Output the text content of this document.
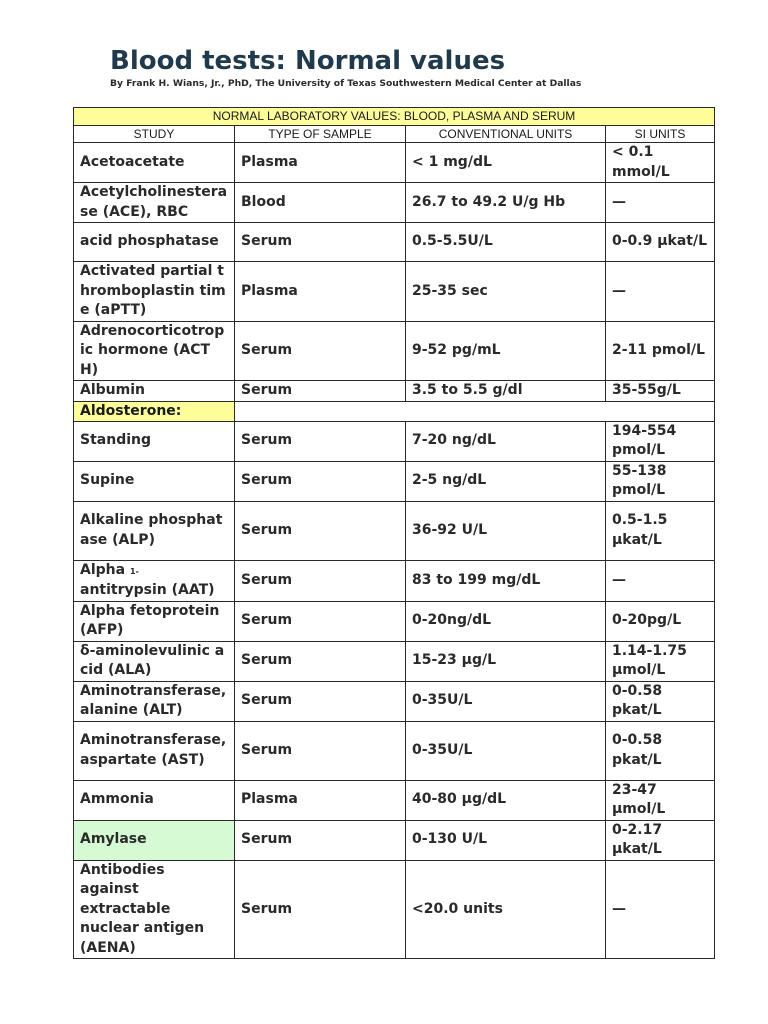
Blood tests: Normal values
By Frank H. Wians, Jr., PhD, The University of Texas Southwestern Medical Center at Dallas
NORMAL LABORATORY VALUES: BLOOD, PLASMA AND SERUM			
STUDY	TYPE OF SAMPLE	CONVENTIONAL UNITS	SI UNITS
Acetoacetate	Plasma	< 1 mg/dL	< 0.1 mmol/L
Acetylcholinesterase (ACE), RBC	Blood	26.7 to 49.2 U/g Hb	—
acid phosphatase	Serum	0.5-5.5U/L	0-0.9 µkat/L
Activated partial thromboplastin time (aPTT)	Plasma	25-35 sec	—
Adrenocorticotropic hormone (ACTH)	Serum	9-52 pg/mL	2-11 pmol/L
Albumin	Serum	3.5 to 5.5 g/dl	35-55g/L
Aldosterone:			
Standing	Serum	7-20 ng/dL	194-554 pmol/L
Supine	Serum	2-5 ng/dL	55-138 pmol/L
Alkaline phosphatase (ALP)	Serum	36-92 U/L	0.5-1.5 µkat/L
Alpha 1- antitrypsin (AAT)	Serum	83 to 199 mg/dL	—
Alpha fetoprotein (AFP)	Serum	0-20ng/dL	0-20pg/L
δ-aminolevulinic acid (ALA)	Serum	15-23 µg/L	1.14-1.75 µmol/L
Aminotransferase, alanine (ALT)	Serum	0-35U/L	0-0.58 pkat/L
Aminotransferase, aspartate (AST)	Serum	0-35U/L	0-0.58 pkat/L
Ammonia	Plasma	40-80 µg/dL	23-47 µmol/L
Amylase	Serum	0-130 U/L	0-2.17 µkat/L
Antibodies against extractable nuclear antigen (AENA)	Serum	<20.0 units	—
